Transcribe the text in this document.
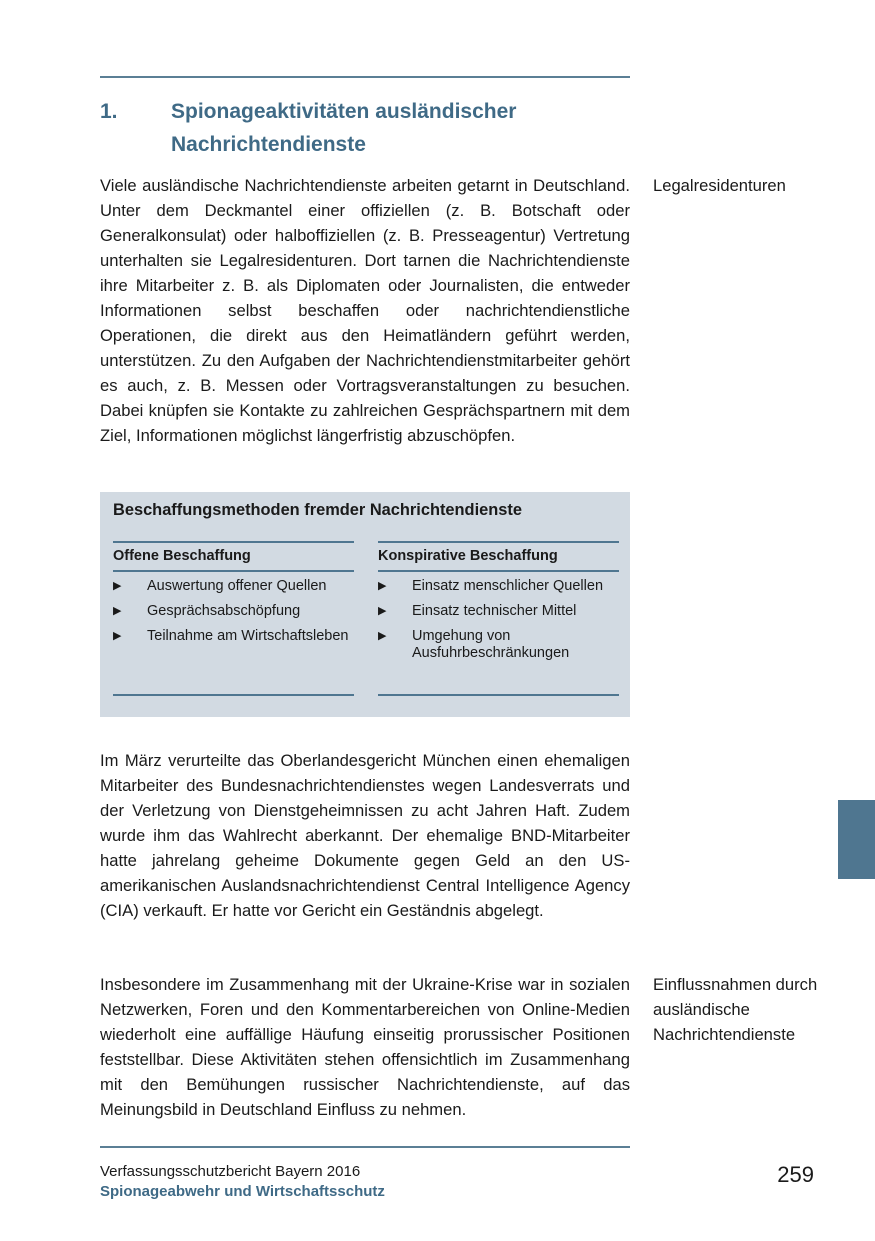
1.	Spionageaktivitäten ausländischer Nachrichtendienste

Viele ausländische Nachrichtendienste arbeiten getarnt in Deutschland. Unter dem Deckmantel einer offiziellen (z. B. Botschaft oder Generalkonsulat) oder halboffiziellen (z. B. Presseagentur) Vertretung unterhalten sie Legalresidenturen. Dort tarnen die Nachrichtendienste ihre Mitarbeiter z. B. als Diplomaten oder Journalisten, die entweder Informationen selbst beschaffen oder nachrichtendienstliche Operationen, die direkt aus den Heimatländern geführt werden, unterstützen. Zu den Aufgaben der Nachrichtendienstmitarbeiter gehört es auch, z. B. Messen oder Vortragsveranstaltungen zu besuchen. Dabei knüpfen sie Kontakte zu zahlreichen Gesprächspartnern mit dem Ziel, Informationen möglichst längerfristig abzuschöpfen.

Legalresidenturen

Beschaffungsmethoden fremder Nachrichtendienste
Offene Beschaffung
▶ Auswertung offener Quellen
▶ Gesprächsabschöpfung
▶ Teilnahme am Wirtschaftsleben
Konspirative Beschaffung
▶ Einsatz menschlicher Quellen
▶ Einsatz technischer Mittel
▶ Umgehung von Ausfuhrbeschränkungen

Im März verurteilte das Oberlandesgericht München einen ehemaligen Mitarbeiter des Bundesnachrichtendienstes wegen Landesverrats und der Verletzung von Dienstgeheimnissen zu acht Jahren Haft. Zudem wurde ihm das Wahlrecht aberkannt. Der ehemalige BND-Mitarbeiter hatte jahrelang geheime Dokumente gegen Geld an den US-amerikanischen Auslandsnachrichtendienst Central Intelligence Agency (CIA) verkauft. Er hatte vor Gericht ein Geständnis abgelegt.

Insbesondere im Zusammenhang mit der Ukraine-Krise war in sozialen Netzwerken, Foren und den Kommentarbereichen von Online-Medien wiederholt eine auffällige Häufung einseitig prorussischer Positionen feststellbar. Diese Aktivitäten stehen offensichtlich im Zusammenhang mit den Bemühungen russischer Nachrichtendienste, auf das Meinungsbild in Deutschland Einfluss zu nehmen.

Einflussnahmen durch ausländische Nachrichtendienste

Verfassungsschutzbericht Bayern 2016
Spionageabwehr und Wirtschaftsschutz
259
